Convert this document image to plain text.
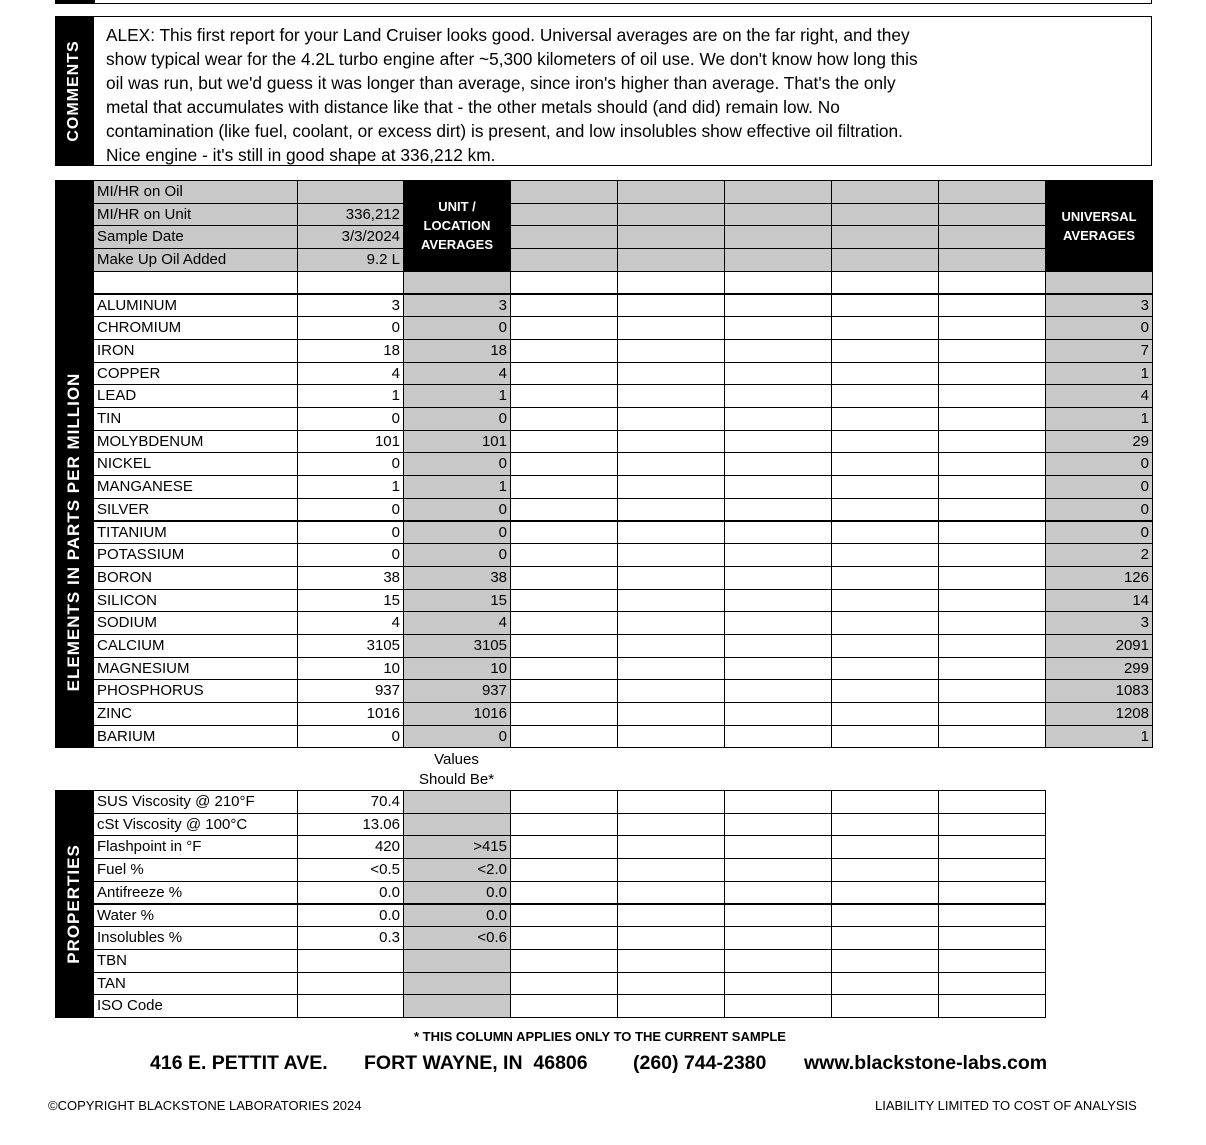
COMMENTS
ALEX: This first report for your Land Cruiser looks good. Universal averages are on the far right, and they
show typical wear for the 4.2L turbo engine after ~5,300 kilometers of oil use. We don't know how long this
oil was run, but we'd guess it was longer than average, since iron's higher than average. That's the only
metal that accumulates with distance like that - the other metals should (and did) remain low. No
contamination (like fuel, coolant, or excess dirt) is present, and low insolubles show effective oil filtration.
Nice engine - it's still in good shape at 336,212 km.
ELEMENTS IN PARTS PER MILLION
PROPERTIES
MI/HR on Oil
MI/HR on Unit	336,212
Sample Date	3/3/2024
Make Up Oil Added	9.2 L
UNIT / LOCATION AVERAGES
UNIVERSAL AVERAGES
ALUMINUM	3	3	3
CHROMIUM	0	0	0
IRON	18	18	7
COPPER	4	4	1
LEAD	1	1	4
TIN	0	0	1
MOLYBDENUM	101	101	29
NICKEL	0	0	0
MANGANESE	1	1	0
SILVER	0	0	0
TITANIUM	0	0	0
POTASSIUM	0	0	2
BORON	38	38	126
SILICON	15	15	14
SODIUM	4	4	3
CALCIUM	3105	3105	2091
MAGNESIUM	10	10	299
PHOSPHORUS	937	937	1083
ZINC	1016	1016	1208
BARIUM	0	0	1
SUS Viscosity @ 210°F	70.4
cSt Viscosity @ 100°C	13.06
Flashpoint in °F	420	>415
Fuel %	<0.5	<2.0
Antifreeze %	0.0	0.0
Water %	0.0	0.0
Insolubles %	0.3	<0.6
TBN
TAN
ISO Code
Values
Should Be*
* THIS COLUMN APPLIES ONLY TO THE CURRENT SAMPLE
416 E. PETTIT AVE. FORT WAYNE, IN  46806 (260) 744-2380 www.blackstone-labs.com
©COPYRIGHT BLACKSTONE LABORATORIES 2024	LIABILITY LIMITED TO COST OF ANALYSIS
